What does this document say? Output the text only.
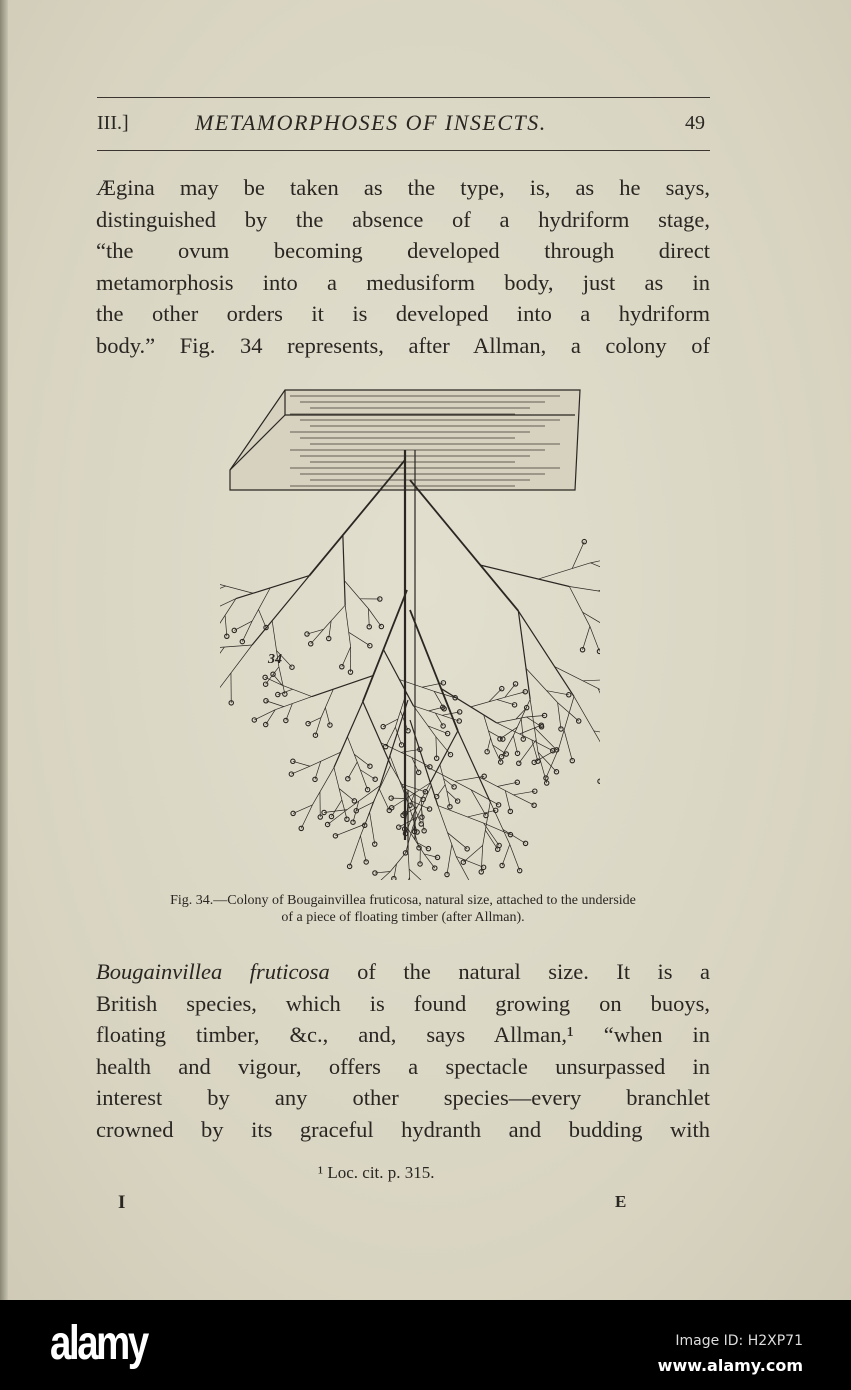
III.]	METAMORPHOSES OF INSECTS.	49
Ægina may be taken as the type, is, as he says,
distinguished by the absence of a hydriform stage,
“the ovum becoming developed through direct
metamorphosis into a medusiform body, just as in
the other orders it is developed into a hydriform
body.” Fig. 34 represents, after Allman, a colony of
34
Fig. 34.—Colony of Bougainvillea fruticosa, natural size, attached to the underside
of a piece of floating timber (after Allman).
Bougainvillea fruticosa of the natural size. It is a
British species, which is found growing on buoys,
floating timber, &c., and, says Allman,¹ “when in
health and vigour, offers a spectacle unsurpassed in
interest by any other species—every branchlet
crowned by its graceful hydranth and budding with
¹ Loc. cit. p. 315.
I	E
alamy	Image ID: H2XP71
www.alamy.com
